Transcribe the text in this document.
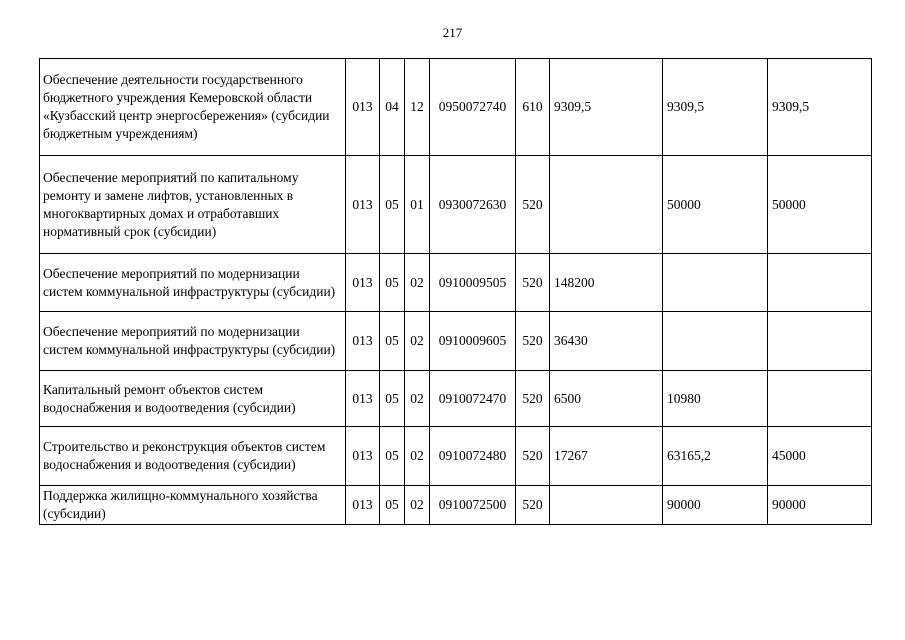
217
Обеспечение деятельности государственного бюджетного учреждения Кемеровской области «Кузбасский центр энергосбережения» (субсидии бюджетным учреждениям)	013	04	12	0950072740	610	9309,5	9309,5	9309,5
Обеспечение мероприятий по капитальному ремонту и замене лифтов, установленных в многоквартирных домах и отработавших нормативный срок (субсидии)	013	05	01	0930072630	520		50000	50000
Обеспечение мероприятий по модернизации систем коммунальной инфраструктуры (субсидии)	013	05	02	0910009505	520	148200		
Обеспечение мероприятий по модернизации систем коммунальной инфраструктуры (субсидии)	013	05	02	0910009605	520	36430		
Капитальный ремонт объектов систем водоснабжения и водоотведения (субсидии)	013	05	02	0910072470	520	6500	10980	
Строительство и реконструкция объектов систем водоснабжения и водоотведения (субсидии)	013	05	02	0910072480	520	17267	63165,2	45000
Поддержка жилищно-коммунального хозяйства (субсидии)	013	05	02	0910072500	520		90000	90000
